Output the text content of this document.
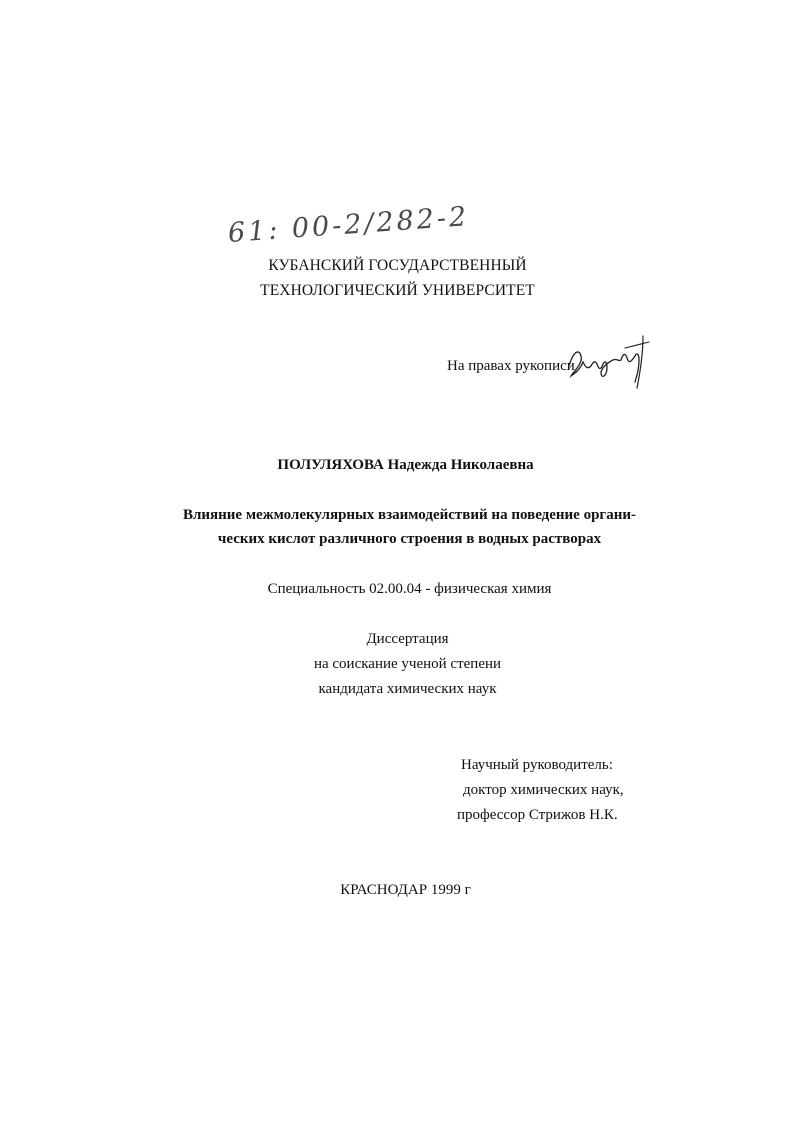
61: 00-2/282-2
КУБАНСКИЙ ГОСУДАРСТВЕННЫЙ
ТЕХНОЛОГИЧЕСКИЙ УНИВЕРСИТЕТ
На правах рукописи
ПОЛУЛЯХОВА Надежда Николаевна
Влияние межмолекулярных взаимодействий на поведение органи-
ческих кислот различного строения в водных растворах
Специальность 02.00.04 - физическая химия
Диссертация
на соискание ученой степени
кандидата химических наук
Научный руководитель:
доктор химических наук,
профессор Стрижов Н.К.
КРАСНОДАР 1999 г
